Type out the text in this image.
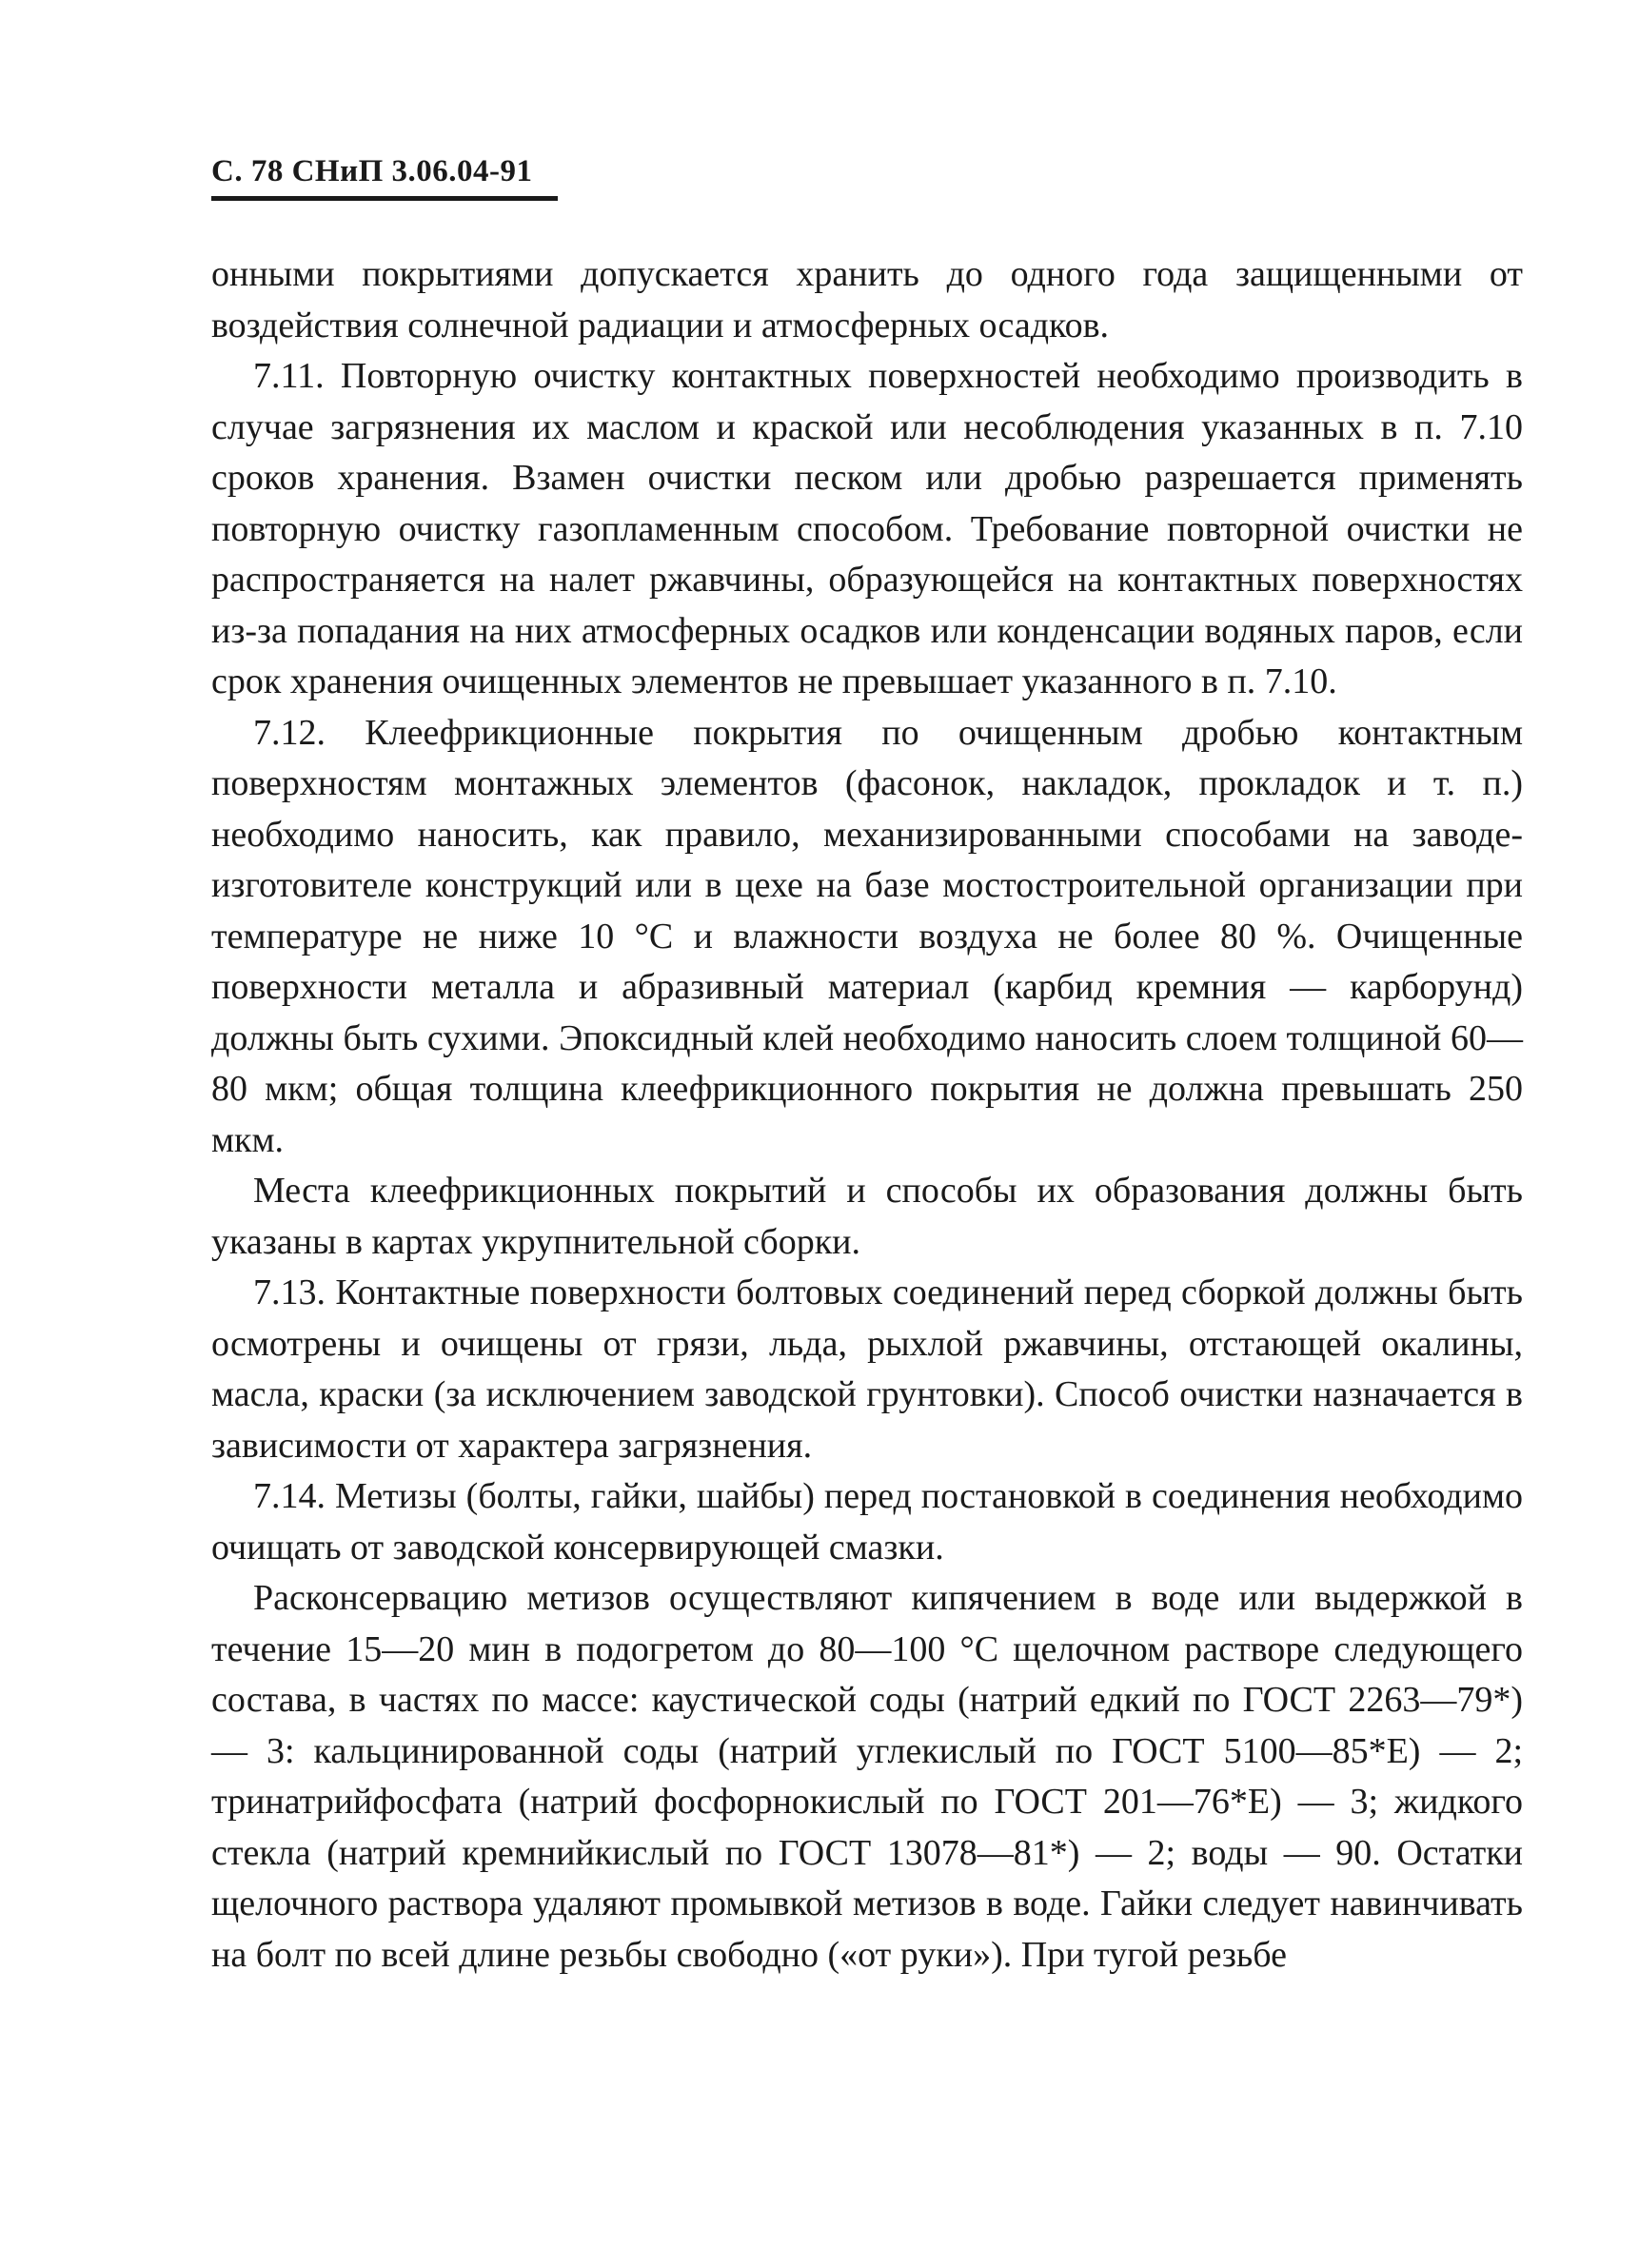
С. 78 СНиП 3.06.04-91

онными покрытиями допускается хранить до одного года защищенными от воздействия солнечной радиации и атмосферных осадков.

7.11. Повторную очистку контактных поверхностей необходимо производить в случае загрязнения их маслом и краской или несоблюдения указанных в п. 7.10 сроков хранения. Взамен очистки песком или дробью разрешается применять повторную очистку газопламенным способом. Требование повторной очистки не распространяется на налет ржавчины, образующейся на контактных поверхностях из-за попадания на них атмосферных осадков или конденсации водяных паров, если срок хранения очищенных элементов не превышает указанного в п. 7.10.

7.12. Клеефрикционные покрытия по очищенным дробью контактным поверхностям монтажных элементов (фасонок, накладок, прокладок и т. п.) необходимо наносить, как правило, механизированными способами на заводе-изготовителе конструкций или в цехе на базе мостостроительной организации при температуре не ниже 10 °С и влажности воздуха не более 80 %. Очищенные поверхности металла и абразивный материал (карбид кремния — карборунд) должны быть сухими. Эпоксидный клей необходимо наносить слоем толщиной 60—80 мкм; общая толщина клеефрикционного покрытия не должна превышать 250 мкм.

Места клеефрикционных покрытий и способы их образования должны быть указаны в картах укрупнительной сборки.

7.13. Контактные поверхности болтовых соединений перед сборкой должны быть осмотрены и очищены от грязи, льда, рыхлой ржавчины, отстающей окалины, масла, краски (за исключением заводской грунтовки). Способ очистки назначается в зависимости от характера загрязнения.

7.14. Метизы (болты, гайки, шайбы) перед постановкой в соединения необходимо очищать от заводской консервирующей смазки.

Расконсервацию метизов осуществляют кипячением в воде или выдержкой в течение 15—20 мин в подогретом до 80—100 °С щелочном растворе следующего состава, в частях по массе: каустической соды (натрий едкий по ГОСТ 2263—79*) — 3: кальцинированной соды (натрий углекислый по ГОСТ 5100—85*Е) — 2; тринатрийфосфата (натрий фосфорнокислый по ГОСТ 201—76*Е) — 3; жидкого стекла (натрий кремнийкислый по ГОСТ 13078—81*) — 2; воды — 90. Остатки щелочного раствора удаляют промывкой метизов в воде. Гайки следует навинчивать на болт по всей длине резьбы свободно («от руки»). При тугой резьбе
